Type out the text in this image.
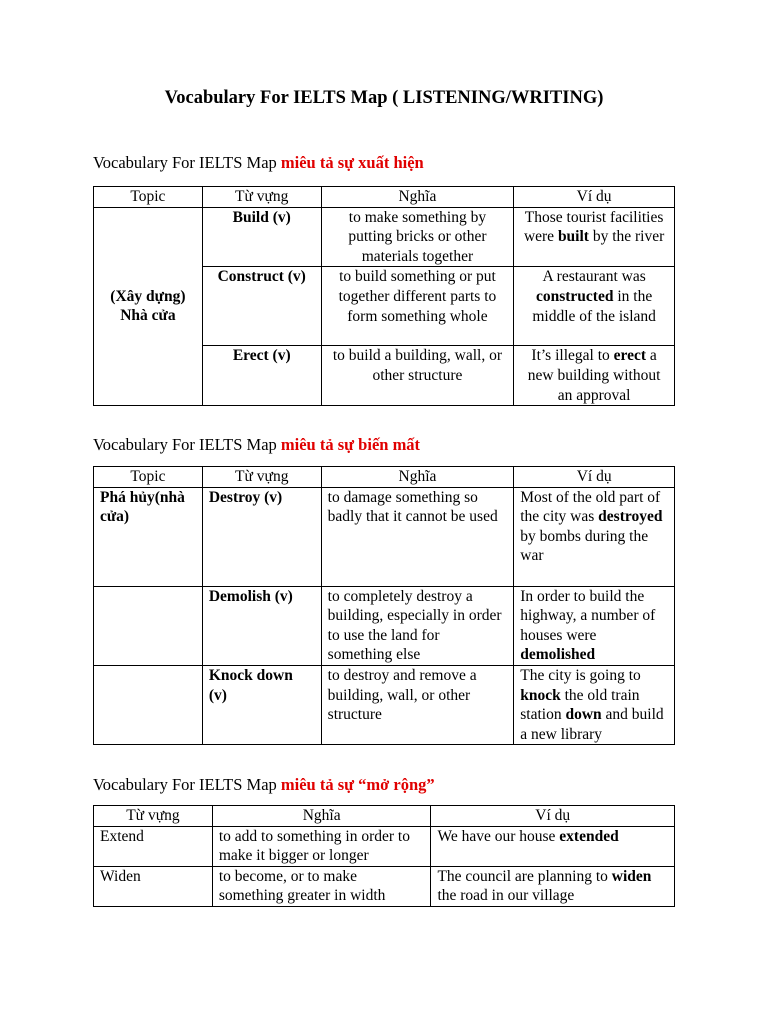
Vocabulary For IELTS Map ( LISTENING/WRITING)
Vocabulary For IELTS Map miêu tả sự xuất hiện
Topic	Từ vựng	Nghĩa	Ví dụ
(Xây dựng) Nhà cửa	Build (v)	to make something by putting bricks or other materials together	Those tourist facilities were built by the river
	Construct (v)	to build something or put together different parts to form something whole	A restaurant was constructed in the middle of the island
	Erect (v)	to build a building, wall, or other structure	It’s illegal to erect a new building without an approval
Vocabulary For IELTS Map miêu tả sự biến mất
Topic	Từ vựng	Nghĩa	Ví dụ
Phá hủy(nhà cửa)	Destroy (v)	to damage something so badly that it cannot be used	Most of the old part of the city was destroyed by bombs during the war
	Demolish (v)	to completely destroy a building, especially in order to use the land for something else	In order to build the highway, a number of houses were demolished
	Knock down (v)	to destroy and remove a building, wall, or other structure	The city is going to knock the old train station down and build a new library
Vocabulary For IELTS Map miêu tả sự “mở rộng”
Từ vựng	Nghĩa	Ví dụ
Extend	to add to something in order to make it bigger or longer	We have our house extended
Widen	to become, or to make something greater in width	The council are planning to widen the road in our village
